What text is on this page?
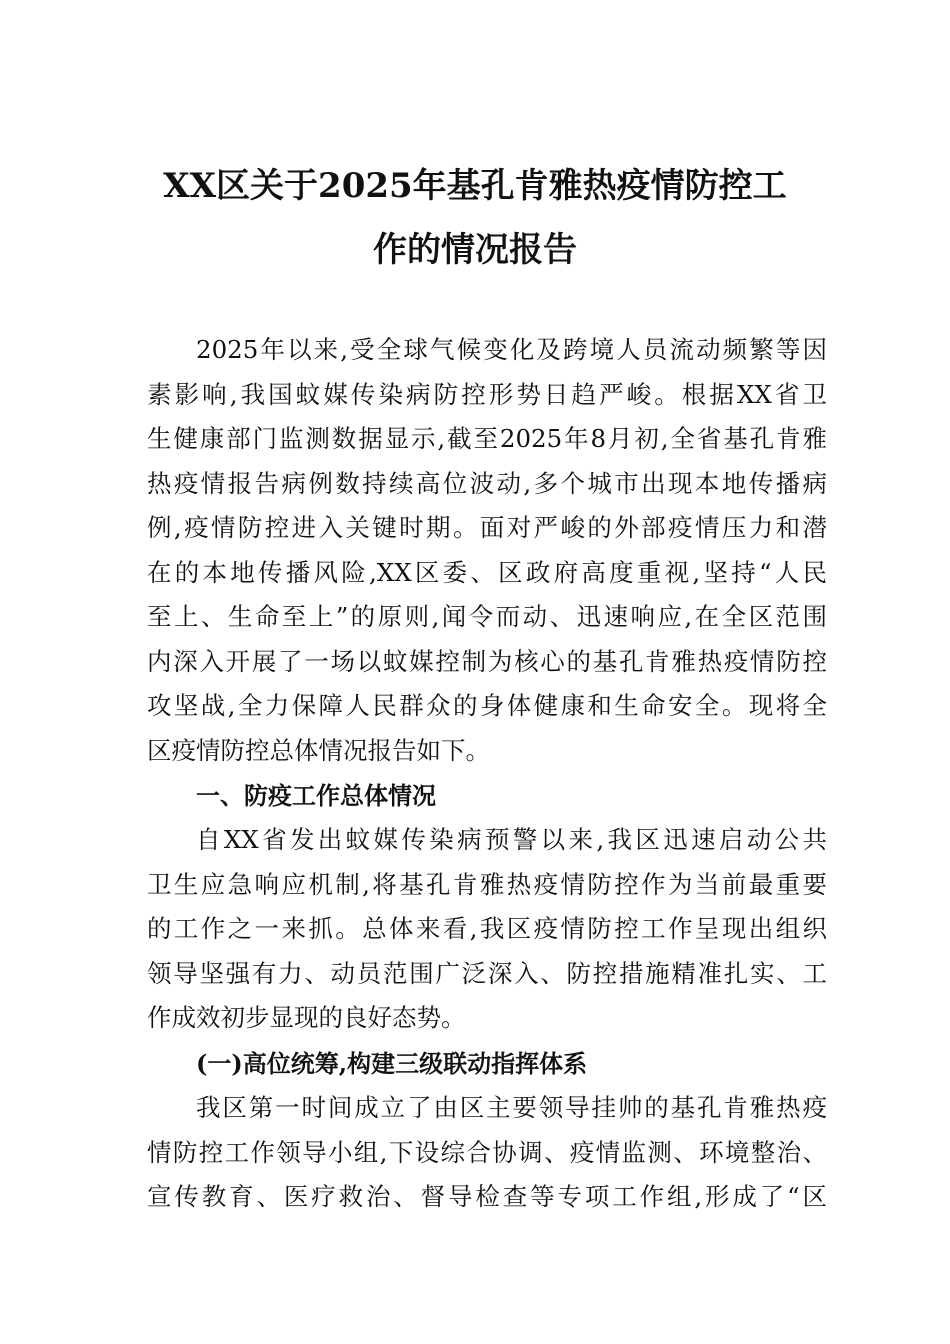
XX区关于2025年基孔肯雅热疫情防控工
作的情况报告
2025年以来,受全球气候变化及跨境人员流动频繁等因
素影响,我国蚊媒传染病防控形势日趋严峻。根据XX省卫
生健康部门监测数据显示,截至2025年8月初,全省基孔肯雅
热疫情报告病例数持续高位波动,多个城市出现本地传播病
例,疫情防控进入关键时期。面对严峻的外部疫情压力和潜
在的本地传播风险,XX区委、区政府高度重视,坚持“人民
至上、生命至上”的原则,闻令而动、迅速响应,在全区范围
内深入开展了一场以蚊媒控制为核心的基孔肯雅热疫情防控
攻坚战,全力保障人民群众的身体健康和生命安全。现将全
区疫情防控总体情况报告如下。
一、防疫工作总体情况
自XX省发出蚊媒传染病预警以来,我区迅速启动公共
卫生应急响应机制,将基孔肯雅热疫情防控作为当前最重要
的工作之一来抓。总体来看,我区疫情防控工作呈现出组织
领导坚强有力、动员范围广泛深入、防控措施精准扎实、工
作成效初步显现的良好态势。
(一)高位统筹,构建三级联动指挥体系
我区第一时间成立了由区主要领导挂帅的基孔肯雅热疫
情防控工作领导小组,下设综合协调、疫情监测、环境整治、
宣传教育、医疗救治、督导检查等专项工作组,形成了“区
